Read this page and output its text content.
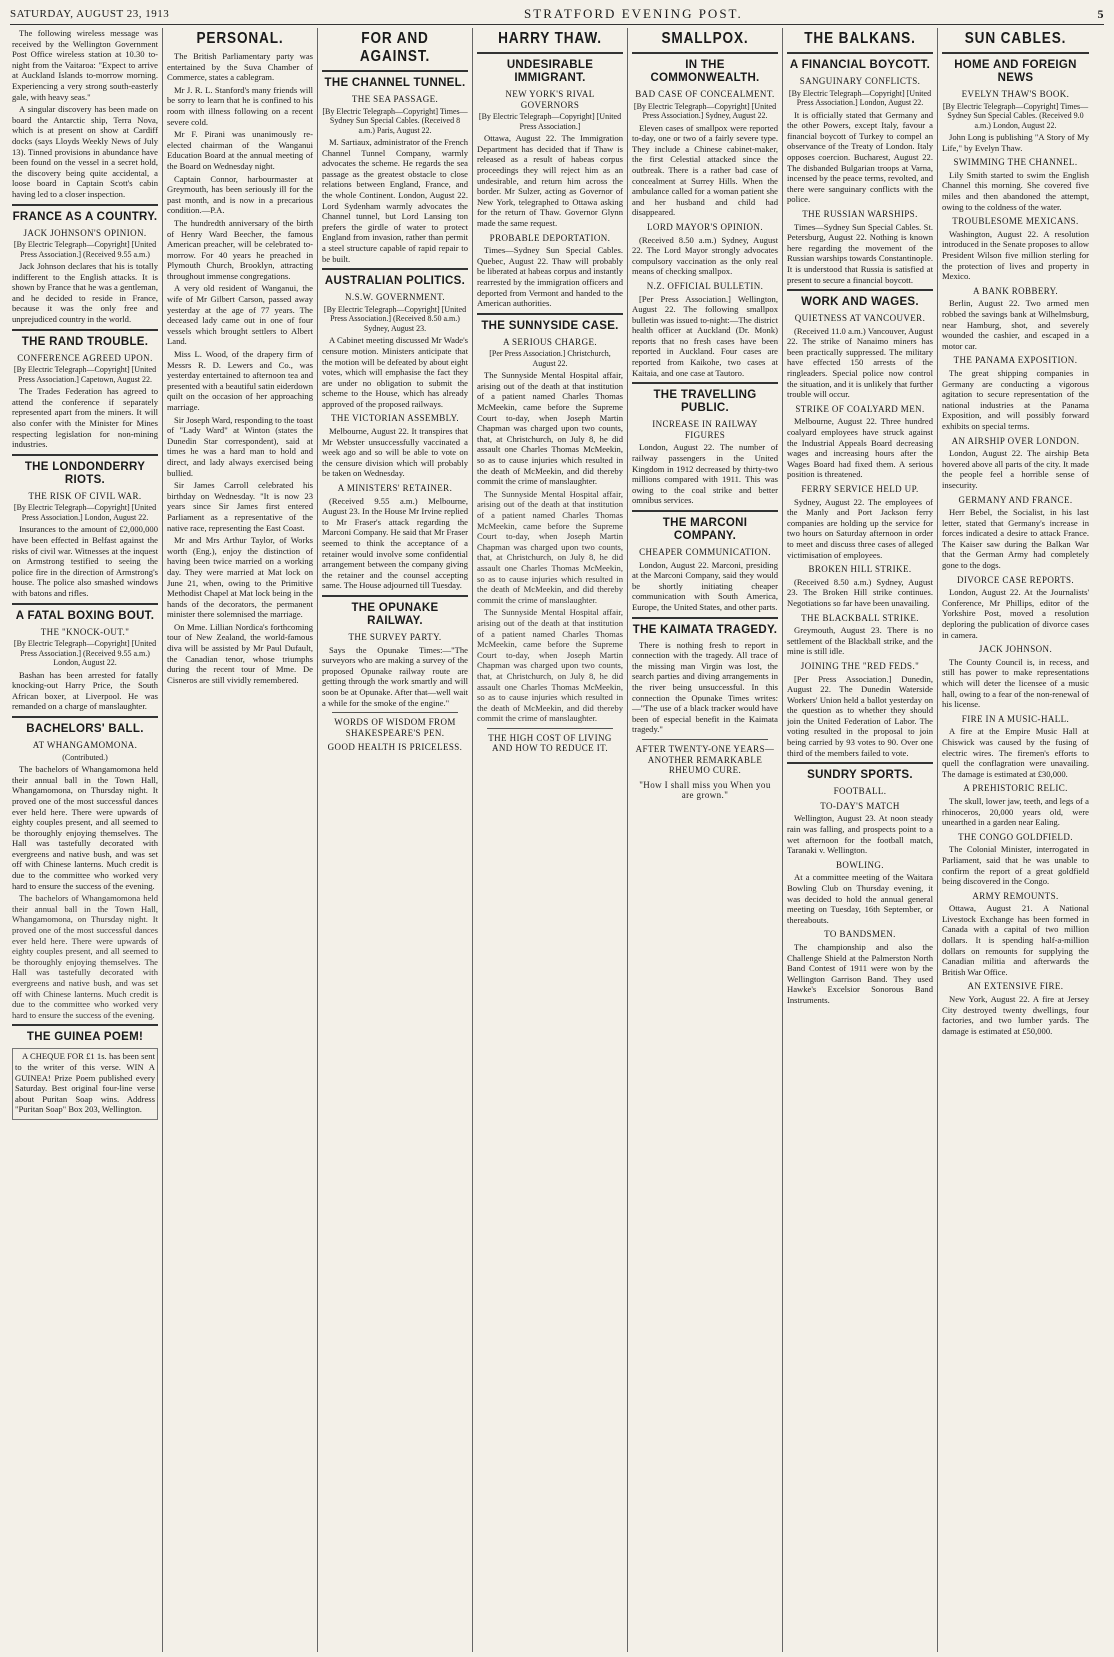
SATURDAY, AUGUST 23, 1913	STRATFORD EVENING POST.	5

The following wireless message was received by the Wellington Government Post Office wireless station at 10.30 to-night from the Vaitaroa: "Expect to arrive at Auckland Islands to-morrow morning. Experiencing a very strong south-easterly gale, with heavy seas."

A singular discovery has been made on board the Antarctic ship, Terra Nova, which is at present on show at Cardiff docks (says Lloyds Weekly News of July 13). Tinned provisions in abundance have been found on the vessel in a secret hold, the discovery being quite accidental, a loose board in Captain Scott's cabin having led to a closer inspection.

FRANCE AS A COUNTRY.
JACK JOHNSON'S OPINION.
[By Electric Telegraph—Copyright] [United Press Association.] (Received 9.55 a.m.)

Jack Johnson declares that his is totally indifferent to the English attacks. It is shown by France that he was a gentleman, and he decided to reside in France, because it was the only free and unprejudiced country in the world.

THE RAND TROUBLE.
CONFERENCE AGREED UPON.
[By Electric Telegraph—Copyright] [United Press Association.] Capetown, August 22.

The Trades Federation has agreed to attend the conference if separately represented apart from the miners. It will also confer with the Minister for Mines respecting legislation for non-mining industries.

THE LONDONDERRY RIOTS.
THE RISK OF CIVIL WAR.
[By Electric Telegraph—Copyright] [United Press Association.] London, August 22.

Insurances to the amount of £2,000,000 have been effected in Belfast against the risks of civil war. Witnesses at the inquest on Armstrong testified to seeing the police fire in the direction of Armstrong's house. The police also smashed windows with batons and rifles.

A FATAL BOXING BOUT.
THE "KNOCK-OUT."
[By Electric Telegraph—Copyright] [United Press Association.] (Received 9.55 a.m.) London, August 22.

Bashan has been arrested for fatally knocking-out Harry Price, the South African boxer, at Liverpool. He was remanded on a charge of manslaughter.

BACHELORS' BALL.
AT WHANGAMOMONA.
(Contributed.)

The bachelors of Whangamomona held their annual ball in the Town Hall, Whangamomona, on Thursday night. It proved one of the most successful dances ever held here. There were upwards of eighty couples present, and all seemed to be thoroughly enjoying themselves. The Hall was tastefully decorated with evergreens and native bush, and was set off with Chinese lanterns. Much credit is due to the committee who worked very hard to ensure the success of the evening.

The bachelors of Whangamomona held their annual ball in the Town Hall, Whangamomona, on Thursday night. It proved one of the most successful dances ever held here. There were upwards of eighty couples present, and all seemed to be thoroughly enjoying themselves. The Hall was tastefully decorated with evergreens and native bush, and was set off with Chinese lanterns. Much credit is due to the committee who worked very hard to ensure the success of the evening.

THE GUINEA POEM!

A CHEQUE FOR £1 1s. has been sent to the writer of this verse. WIN A GUINEA! Prize Poem published every Saturday. Best original four-line verse about Puritan Soap wins. Address "Puritan Soap" Box 203, Wellington.

PERSONAL.

The British Parliamentary party was entertained by the Suva Chamber of Commerce, states a cablegram.

Mr J. R. L. Stanford's many friends will be sorry to learn that he is confined to his room with illness following on a recent severe cold.

Mr F. Pirani was unanimously re-elected chairman of the Wanganui Education Board at the annual meeting of the Board on Wednesday night.

Captain Connor, harbourmaster at Greymouth, has been seriously ill for the past month, and is now in a precarious condition.—P.A.

The hundredth anniversary of the birth of Henry Ward Beecher, the famous American preacher, will be celebrated to-morrow. For 40 years he preached in Plymouth Church, Brooklyn, attracting throughout immense congregations.

A very old resident of Wanganui, the wife of Mr Gilbert Carson, passed away yesterday at the age of 77 years. The deceased lady came out in one of four vessels which brought settlers to Albert Land.

Miss L. Wood, of the drapery firm of Messrs R. D. Lewers and Co., was yesterday entertained to afternoon tea and presented with a beautiful satin eiderdown quilt on the occasion of her approaching marriage.

Sir Joseph Ward, responding to the toast of "Lady Ward" at Winton (states the Dunedin Star correspondent), said at times he was a hard man to hold and direct, and lady always exercised being bullied.

Sir James Carroll celebrated his birthday on Wednesday. "It is now 23 years since Sir James first entered Parliament as a representative of the native race, representing the East Coast.

Mr and Mrs Arthur Taylor, of Works worth (Eng.), enjoy the distinction of having been twice married on a working day. They were married at Mat lock on June 21, when, owing to the Primitive Methodist Chapel at Mat lock being in the hands of the decorators, the permanent minister there solemnised the marriage.

On Mme. Lillian Nordica's forthcoming tour of New Zealand, the world-famous diva will be assisted by Mr Paul Dufault, the Canadian tenor, whose triumphs during the recent tour of Mme. De Cisneros are still vividly remembered.

FOR AND AGAINST.
THE CHANNEL TUNNEL.
THE SEA PASSAGE.
[By Electric Telegraph—Copyright] Times—Sydney Sun Special Cables. (Received 8 a.m.) Paris, August 22.

M. Sartiaux, administrator of the French Channel Tunnel Company, warmly advocates the scheme. He regards the sea passage as the greatest obstacle to close relations between England, France, and the whole Continent. London, August 22. Lord Sydenham warmly advocates the Channel tunnel, but Lord Lansing ton prefers the girdle of water to protect England from invasion, rather than permit a steel structure capable of rapid repair to be built.

AUSTRALIAN POLITICS.
N.S.W. GOVERNMENT.
[By Electric Telegraph—Copyright] [United Press Association.] (Received 8.50 a.m.) Sydney, August 23.

A Cabinet meeting discussed Mr Wade's censure motion. Ministers anticipate that the motion will be defeated by about eight votes, which will emphasise the fact they are under no obligation to submit the scheme to the House, which has already approved of the proposed railways.

THE VICTORIAN ASSEMBLY.

Melbourne, August 22. It transpires that Mr Webster unsuccessfully vaccinated a week ago and so will be able to vote on the censure division which will probably be taken on Wednesday.

A MINISTERS' RETAINER.

(Received 9.55 a.m.) Melbourne, August 23. In the House Mr Irvine replied to Mr Fraser's attack regarding the Marconi Company. He said that Mr Fraser seemed to think the acceptance of a retainer would involve some confidential arrangement between the company giving the retainer and the counsel accepting same. The House adjourned till Tuesday.

THE OPUNAKE RAILWAY.
THE SURVEY PARTY.

Says the Opunake Times:—"The surveyors who are making a survey of the proposed Opunake railway route are getting through the work smartly and will soon be at Opunake. After that—well wait a while for the smoke of the engine."

WORDS OF WISDOM FROM SHAKESPEARE'S PEN.
GOOD HEALTH IS PRICELESS.
HARRY THAW.
UNDESIRABLE IMMIGRANT.
NEW YORK'S RIVAL GOVERNORS
[By Electric Telegraph—Copyright] [United Press Association.]

Ottawa, August 22. The Immigration Department has decided that if Thaw is released as a result of habeas corpus proceedings they will reject him as an undesirable, and return him across the border. Mr Sulzer, acting as Governor of New York, telegraphed to Ottawa asking for the return of Thaw. Governor Glynn made the same request.

PROBABLE DEPORTATION.

Times—Sydney Sun Special Cables. Quebec, August 22. Thaw will probably be liberated at habeas corpus and instantly rearrested by the immigration officers and deported from Vermont and handed to the American authorities.

THE SUNNYSIDE CASE.
A SERIOUS CHARGE.
[Per Press Association.] Christchurch, August 22.

The Sunnyside Mental Hospital affair, arising out of the death at that institution of a patient named Charles Thomas McMeekin, came before the Supreme Court to-day, when Joseph Martin Chapman was charged upon two counts, that, at Christchurch, on July 8, he did assault one Charles Thomas McMeekin, so as to cause injuries which resulted in the death of McMeekin, and did thereby commit the crime of manslaughter.

The Sunnyside Mental Hospital affair, arising out of the death at that institution of a patient named Charles Thomas McMeekin, came before the Supreme Court to-day, when Joseph Martin Chapman was charged upon two counts, that, at Christchurch, on July 8, he did assault one Charles Thomas McMeekin, so as to cause injuries which resulted in the death of McMeekin, and did thereby commit the crime of manslaughter.

The Sunnyside Mental Hospital affair, arising out of the death at that institution of a patient named Charles Thomas McMeekin, came before the Supreme Court to-day, when Joseph Martin Chapman was charged upon two counts, that, at Christchurch, on July 8, he did assault one Charles Thomas McMeekin, so as to cause injuries which resulted in the death of McMeekin, and did thereby commit the crime of manslaughter.

THE HIGH COST OF LIVING AND HOW TO REDUCE IT.
SMALLPOX.
IN THE COMMONWEALTH.
BAD CASE OF CONCEALMENT.
[By Electric Telegraph—Copyright] [United Press Association.] Sydney, August 22.

Eleven cases of smallpox were reported to-day, one or two of a fairly severe type. They include a Chinese cabinet-maker, the first Celestial attacked since the outbreak. There is a rather bad case of concealment at Surrey Hills. When the ambulance called for a woman patient she and her husband and child had disappeared.

LORD MAYOR'S OPINION.

(Received 8.50 a.m.) Sydney, August 22. The Lord Mayor strongly advocates compulsory vaccination as the only real means of checking smallpox.

N.Z. OFFICIAL BULLETIN.

[Per Press Association.] Wellington, August 22. The following smallpox bulletin was issued to-night:—The district health officer at Auckland (Dr. Monk) reports that no fresh cases have been reported in Auckland. Four cases are reported from Kaikohe, two cases at Kaitaia, and one case at Tautoro.

THE TRAVELLING PUBLIC.
INCREASE IN RAILWAY FIGURES

London, August 22. The number of railway passengers in the United Kingdom in 1912 decreased by thirty-two millions compared with 1911. This was owing to the coal strike and better omnibus services.

THE MARCONI COMPANY.
CHEAPER COMMUNICATION.

London, August 22. Marconi, presiding at the Marconi Company, said they would be shortly initiating cheaper communication with South America, Europe, the United States, and other parts.

THE KAIMATA TRAGEDY.

There is nothing fresh to report in connection with the tragedy. All trace of the missing man Virgin was lost, the search parties and diving arrangements in the river being unsuccessful. In this connection the Opunake Times writes:—"The use of a black tracker would have been of especial benefit in the Kaimata tragedy."

AFTER TWENTY-ONE YEARS—ANOTHER REMARKABLE RHEUMO CURE.
"How I shall miss you When you are grown."
THE BALKANS.
A FINANCIAL BOYCOTT.
SANGUINARY CONFLICTS.
[By Electric Telegraph—Copyright] [United Press Association.] London, August 22.

It is officially stated that Germany and the other Powers, except Italy, favour a financial boycott of Turkey to compel an observance of the Treaty of London. Italy opposes coercion. Bucharest, August 22. The disbanded Bulgarian troops at Varna, incensed by the peace terms, revolted, and there were sanguinary conflicts with the police.

THE RUSSIAN WARSHIPS.

Times—Sydney Sun Special Cables. St. Petersburg, August 22. Nothing is known here regarding the movement of the Russian warships towards Constantinople. It is understood that Russia is satisfied at present to secure a financial boycott.

WORK AND WAGES.
QUIETNESS AT VANCOUVER.

(Received 11.0 a.m.) Vancouver, August 22. The strike of Nanaimo miners has been practically suppressed. The military have effected 150 arrests of the ringleaders. Special police now control the situation, and it is unlikely that further trouble will occur.

STRIKE OF COALYARD MEN.

Melbourne, August 22. Three hundred coalyard employees have struck against the Industrial Appeals Board decreasing wages and increasing hours after the Wages Board had fixed them. A serious position is threatened.

FERRY SERVICE HELD UP.

Sydney, August 22. The employees of the Manly and Port Jackson ferry companies are holding up the service for two hours on Saturday afternoon in order to meet and discuss three cases of alleged victimisation of employees.

BROKEN HILL STRIKE.

(Received 8.50 a.m.) Sydney, August 23. The Broken Hill strike continues. Negotiations so far have been unavailing.

THE BLACKBALL STRIKE.

Greymouth, August 23. There is no settlement of the Blackball strike, and the mine is still idle.

JOINING THE "RED FEDS."

[Per Press Association.] Dunedin, August 22. The Dunedin Waterside Workers' Union held a ballot yesterday on the question as to whether they should join the United Federation of Labor. The voting resulted in the proposal to join being carried by 93 votes to 90. Over one third of the members failed to vote.

SUNDRY SPORTS.
FOOTBALL.
TO-DAY'S MATCH

Wellington, August 23. At noon steady rain was falling, and prospects point to a wet afternoon for the football match, Taranaki v. Wellington.

BOWLING.

At a committee meeting of the Waitara Bowling Club on Thursday evening, it was decided to hold the annual general meeting on Tuesday, 16th September, or thereabouts.

TO BANDSMEN.

The championship and also the Challenge Shield at the Palmerston North Band Contest of 1911 were won by the Wellington Garrison Band. They used Hawke's Excelsior Sonorous Band Instruments.

SUN CABLES.
HOME AND FOREIGN NEWS
EVELYN THAW'S BOOK.
[By Electric Telegraph—Copyright] Times—Sydney Sun Special Cables. (Received 9.0 a.m.) London, August 22.

John Long is publishing "A Story of My Life," by Evelyn Thaw.

SWIMMING THE CHANNEL.

Lily Smith started to swim the English Channel this morning. She covered five miles and then abandoned the attempt, owing to the coldness of the water.

TROUBLESOME MEXICANS.

Washington, August 22. A resolution introduced in the Senate proposes to allow President Wilson five million sterling for the protection of lives and property in Mexico.

A BANK ROBBERY.

Berlin, August 22. Two armed men robbed the savings bank at Wilhelmsburg, near Hamburg, shot, and severely wounded the cashier, and escaped in a motor car.

THE PANAMA EXPOSITION.

The great shipping companies in Germany are conducting a vigorous agitation to secure representation of the national industries at the Panama Exposition, and will possibly forward exhibits on special terms.

AN AIRSHIP OVER LONDON.

London, August 22. The airship Beta hovered above all parts of the city. It made the people feel a horrible sense of insecurity.

GERMANY AND FRANCE.

Herr Bebel, the Socialist, in his last letter, stated that Germany's increase in forces indicated a desire to attack France. The Kaiser saw during the Balkan War that the German Army had completely gone to the dogs.

DIVORCE CASE REPORTS.

London, August 22. At the Journalists' Conference, Mr Phillips, editor of the Yorkshire Post, moved a resolution deploring the publication of divorce cases in camera.

JACK JOHNSON.

The County Council is, in recess, and still has power to make representations which will deter the licensee of a music hall, owing to a fear of the non-renewal of his license.

FIRE IN A MUSIC-HALL.

A fire at the Empire Music Hall at Chiswick was caused by the fusing of electric wires. The firemen's efforts to quell the conflagration were unavailing. The damage is estimated at £30,000.

A PREHISTORIC RELIC.

The skull, lower jaw, teeth, and legs of a rhinoceros, 20,000 years old, were unearthed in a garden near Ealing.

THE CONGO GOLDFIELD.

The Colonial Minister, interrogated in Parliament, said that he was unable to confirm the report of a great goldfield being discovered in the Congo.

ARMY REMOUNTS.

Ottawa, August 21. A National Livestock Exchange has been formed in Canada with a capital of two million dollars. It is spending half-a-million dollars on remounts for supplying the Canadian militia and afterwards the British War Office.

AN EXTENSIVE FIRE.

New York, August 22. A fire at Jersey City destroyed twenty dwellings, four factories, and two lumber yards. The damage is estimated at £50,000.
